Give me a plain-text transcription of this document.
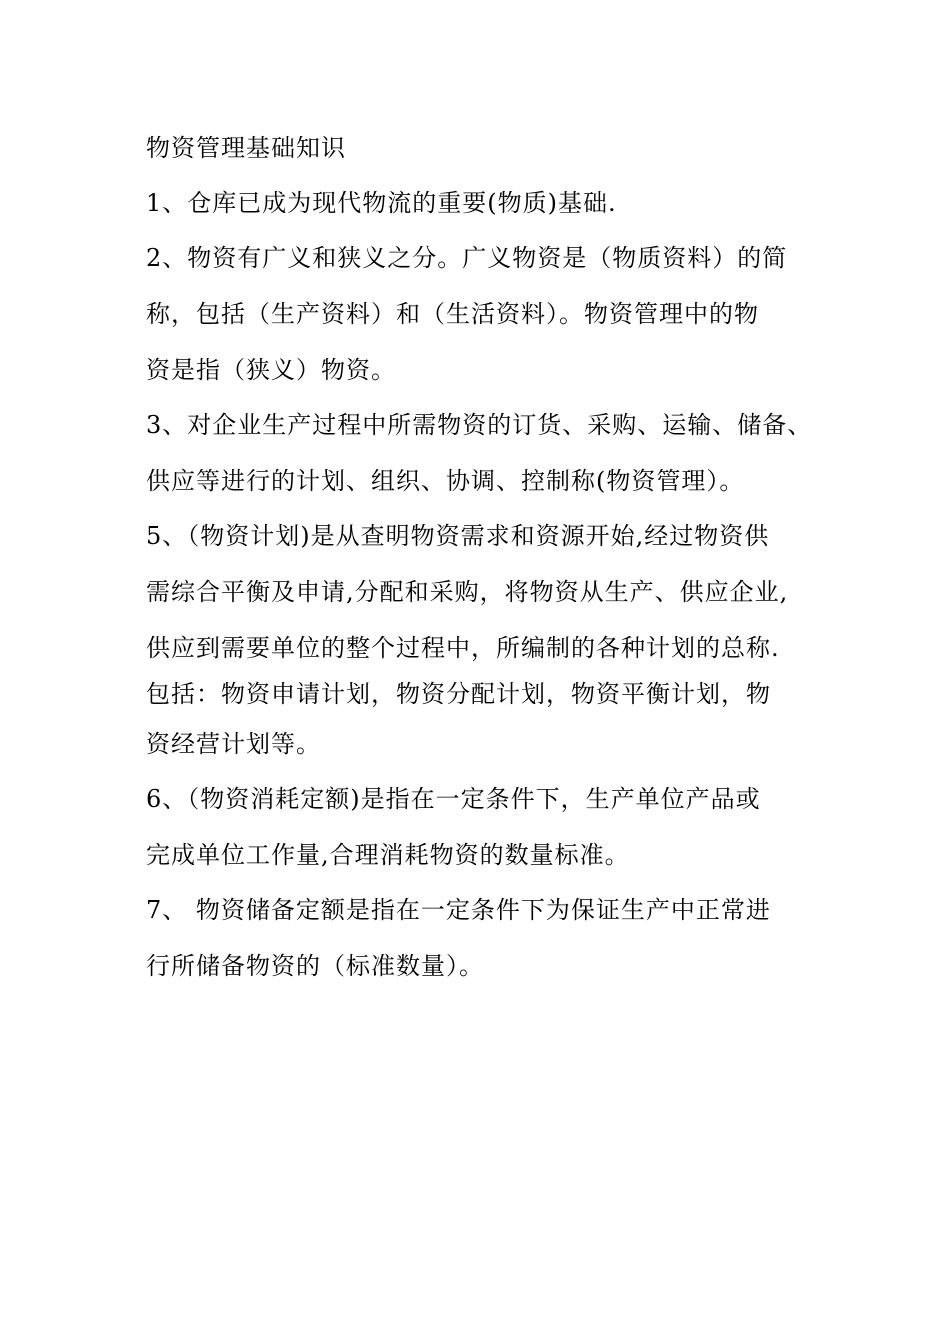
物资管理基础知识
1、仓库已成为现代物流的重要(物质)基础.
2、物资有广义和狭义之分。广义物资是（物质资料）的简
称，包括（生产资料）和（生活资料）。物资管理中的物
资是指（狭义）物资。
3、对企业生产过程中所需物资的订货、采购、运输、储备、
供应等进行的计划、组织、协调、控制称(物资管理）。
5、（物资计划)是从查明物资需求和资源开始,经过物资供
需综合平衡及申请,分配和采购，将物资从生产、供应企业,
供应到需要单位的整个过程中，所编制的各种计划的总称.
包括：物资申请计划，物资分配计划，物资平衡计划，物
资经营计划等。
6、（物资消耗定额)是指在一定条件下，生产单位产品或
完成单位工作量,合理消耗物资的数量标准。
7、 物资储备定额是指在一定条件下为保证生产中正常进
行所储备物资的（标准数量）。
